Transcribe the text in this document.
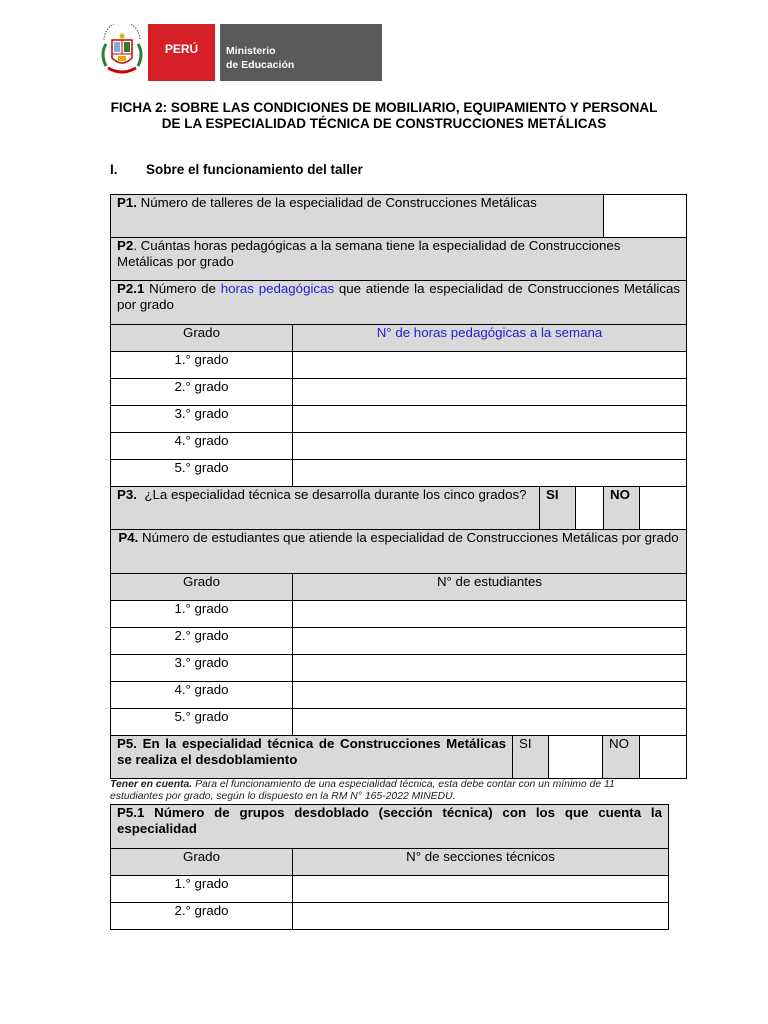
PERÚ	Ministerio
de Educación
FICHA 2: SOBRE LAS CONDICIONES DE MOBILIARIO, EQUIPAMIENTO Y PERSONAL DE LA ESPECIALIDAD TÉCNICA DE CONSTRUCCIONES METÁLICAS
I. Sobre el funcionamiento del taller
P1. Número de talleres de la especialidad de Construcciones Metálicas					
P2. Cuántas horas pedagógicas a la semana tiene la especialidad de Construcciones Metálicas por grado					
P2.1 Número de horas pedagógicas que atiende la especialidad de Construcciones Metálicas por grado					
Grado	N° de horas pedagógicas a la semana				
1.° grado					
2.° grado					
3.° grado					
4.° grado					
5.° grado					
P3. ¿La especialidad técnica se desarrolla durante los cinco grados?		SI		NO	
P4. Número de estudiantes que atiende la especialidad de Construcciones Metálicas por grado	
Grado	N° de estudiantes
1.° grado	
2.° grado	
3.° grado	
4.° grado	
5.° grado	
P5. En la especialidad técnica de Construcciones Metálicas se realiza el desdoblamiento	SI		NO	
Tener en cuenta. Para el funcionamiento de una especialidad técnica, esta debe contar con un mínimo de 11 estudiantes por grado, según lo dispuesto en la RM N° 165-2022 MINEDU.
P5.1 Número de grupos desdoblado (sección técnica) con los que cuenta la especialidad	
Grado	N° de secciones técnicos
1.° grado	
2.° grado	
